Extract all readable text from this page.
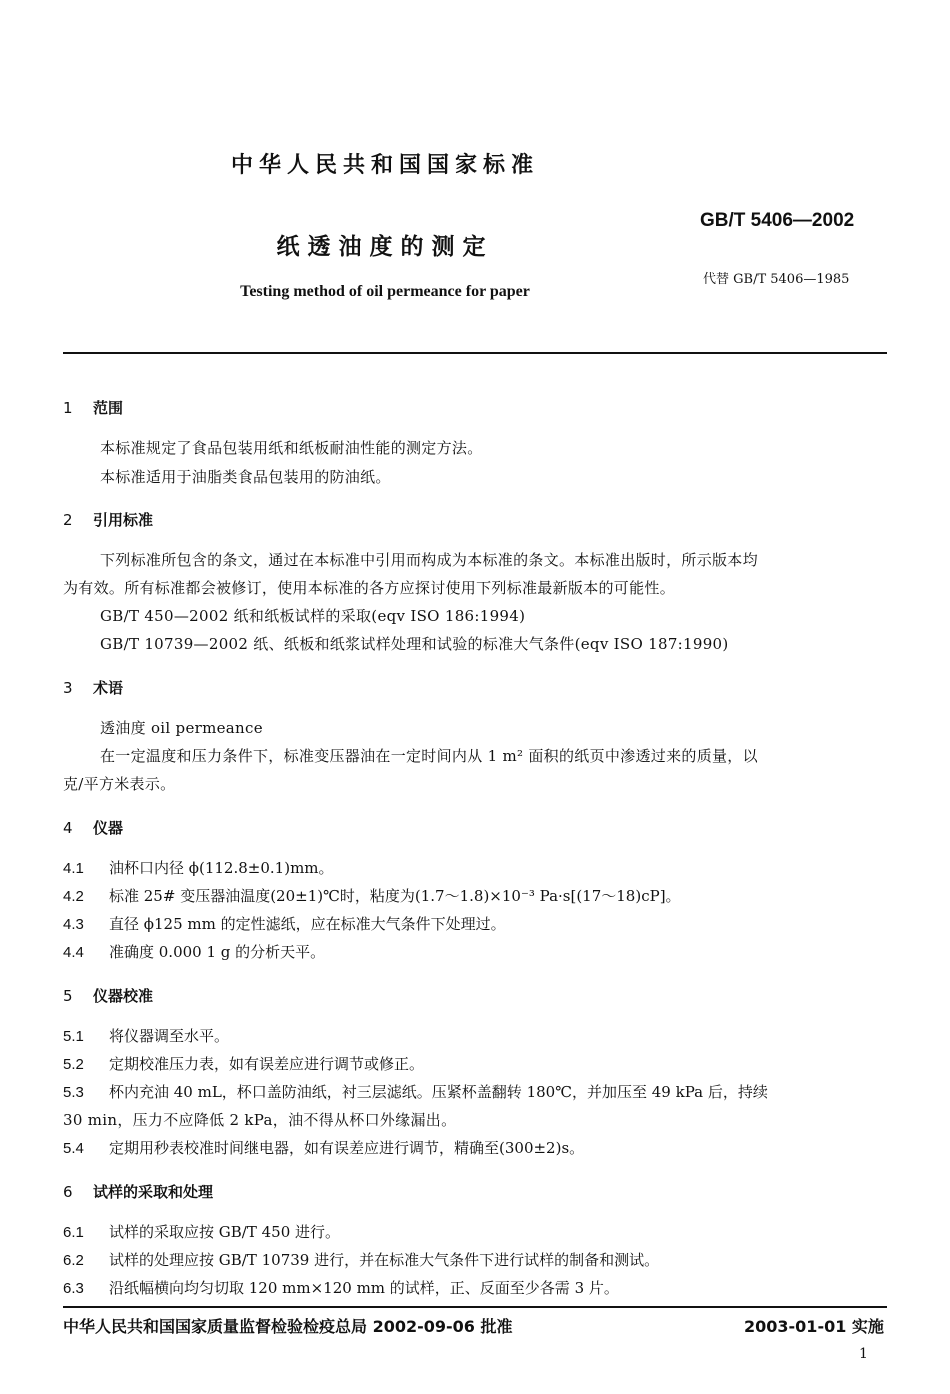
中华人民共和国国家标准
GB/T 5406—2002
纸透油度的测定
代替 GB/T 5406—1985
Testing method of oil permeance for paper
1 范围
本标准规定了食品包装用纸和纸板耐油性能的测定方法。
本标准适用于油脂类食品包装用的防油纸。
2 引用标准
下列标准所包含的条文，通过在本标准中引用而构成为本标准的条文。本标准出版时，所示版本均
为有效。所有标准都会被修订，使用本标准的各方应探讨使用下列标准最新版本的可能性。
GB/T 450—2002 纸和纸板试样的采取(eqv ISO 186:1994)
GB/T 10739—2002 纸、纸板和纸浆试样处理和试验的标准大气条件(eqv ISO 187:1990)
3 术语
透油度 oil permeance
在一定温度和压力条件下，标准变压器油在一定时间内从 1 m² 面积的纸页中渗透过来的质量，以
克/平方米表示。
4 仪器
4.1 油杯口内径 ϕ(112.8±0.1)mm。
4.2 标准 25# 变压器油温度(20±1)℃时，粘度为(1.7～1.8)×10⁻³ Pa·s[(17～18)cP]。
4.3 直径 ϕ125 mm 的定性滤纸，应在标准大气条件下处理过。
4.4 准确度 0.000 1 g 的分析天平。
5 仪器校准
5.1 将仪器调至水平。
5.2 定期校准压力表，如有误差应进行调节或修正。
5.3 杯内充油 40 mL，杯口盖防油纸，衬三层滤纸。压紧杯盖翻转 180℃，并加压至 49 kPa 后，持续
30 min，压力不应降低 2 kPa，油不得从杯口外缘漏出。
5.4 定期用秒表校准时间继电器，如有误差应进行调节，精确至(300±2)s。
6 试样的采取和处理
6.1 试样的采取应按 GB/T 450 进行。
6.2 试样的处理应按 GB/T 10739 进行，并在标准大气条件下进行试样的制备和测试。
6.3 沿纸幅横向均匀切取 120 mm×120 mm 的试样，正、反面至少各需 3 片。
中华人民共和国国家质量监督检验检疫总局 2002-09-06 批准	2003-01-01 实施
1
